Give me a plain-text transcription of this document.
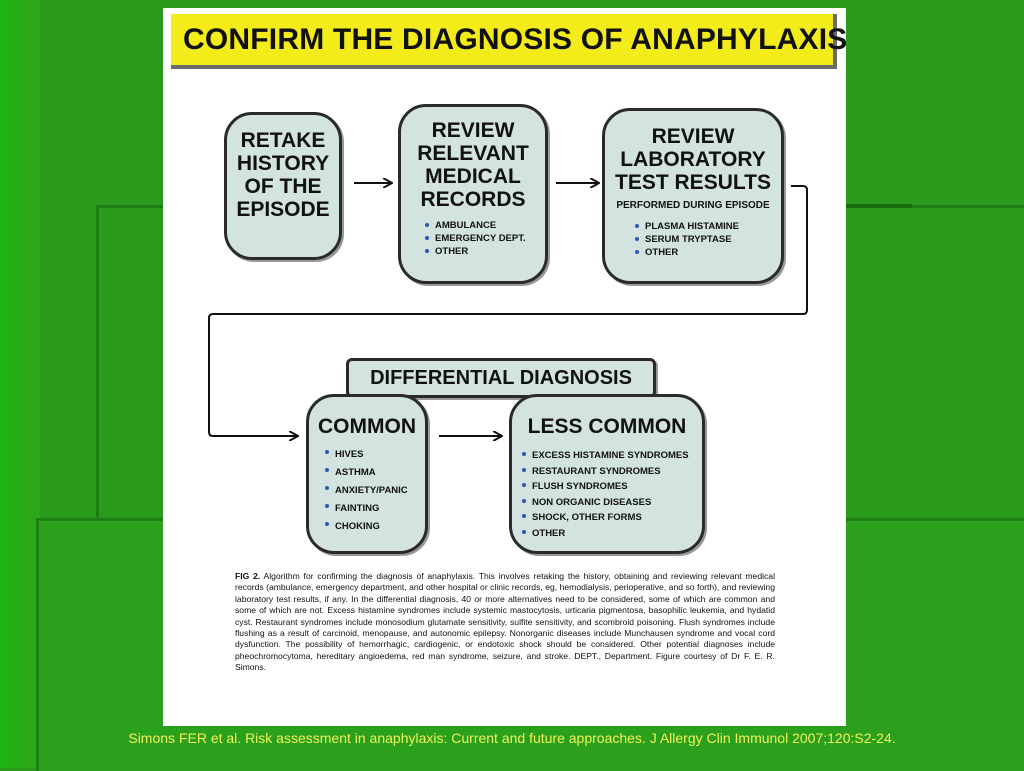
CONFIRM THE DIAGNOSIS OF ANAPHYLAXIS
RETAKE
HISTORY
OF THE
EPISODE
REVIEW
RELEVANT
MEDICAL
RECORDS
AMBULANCE
EMERGENCY DEPT.
OTHER
REVIEW
LABORATORY
TEST RESULTS
PERFORMED DURING EPISODE
PLASMA HISTAMINE
SERUM TRYPTASE
OTHER
DIFFERENTIAL DIAGNOSIS
COMMON
HIVES
ASTHMA
ANXIETY/PANIC
FAINTING
CHOKING
LESS COMMON
EXCESS HISTAMINE SYNDROMES
RESTAURANT SYNDROMES
FLUSH SYNDROMES
NON ORGANIC DISEASES
SHOCK, OTHER FORMS
OTHER
FIG 2. Algorithm for confirming the diagnosis of anaphylaxis. This involves retaking the history, obtaining and reviewing relevant medical records (ambulance, emergency department, and other hospital or clinic records, eg, hemodialysis, perioperative, and so forth), and reviewing laboratory test results, if any. In the differential diagnosis, 40 or more alternatives need to be considered, some of which are common and some of which are not. Excess histamine syndromes include systemic mastocytosis, urticaria pigmentosa, basophilic leukemia, and hydatid cyst. Restaurant syndromes include monosodium glutamate sensitivity, sulfite sensitivity, and scombroid poisoning. Flush syndromes include flushing as a result of carcinoid, menopause, and autonomic epilepsy. Nonorganic diseases include Munchausen syndrome and vocal cord dysfunction. The possibility of hemorrhagic, cardiogenic, or endotoxic shock should be considered. Other potential diagnoses include pheochromocytoma, hereditary angioedema, red man syndrome, seizure, and stroke. DEPT., Department. Figure courtesy of Dr F. E. R. Simons.
Simons FER et al. Risk assessment in anaphylaxis: Current and future approaches. J Allergy Clin Immunol 2007;120:S2-24.
